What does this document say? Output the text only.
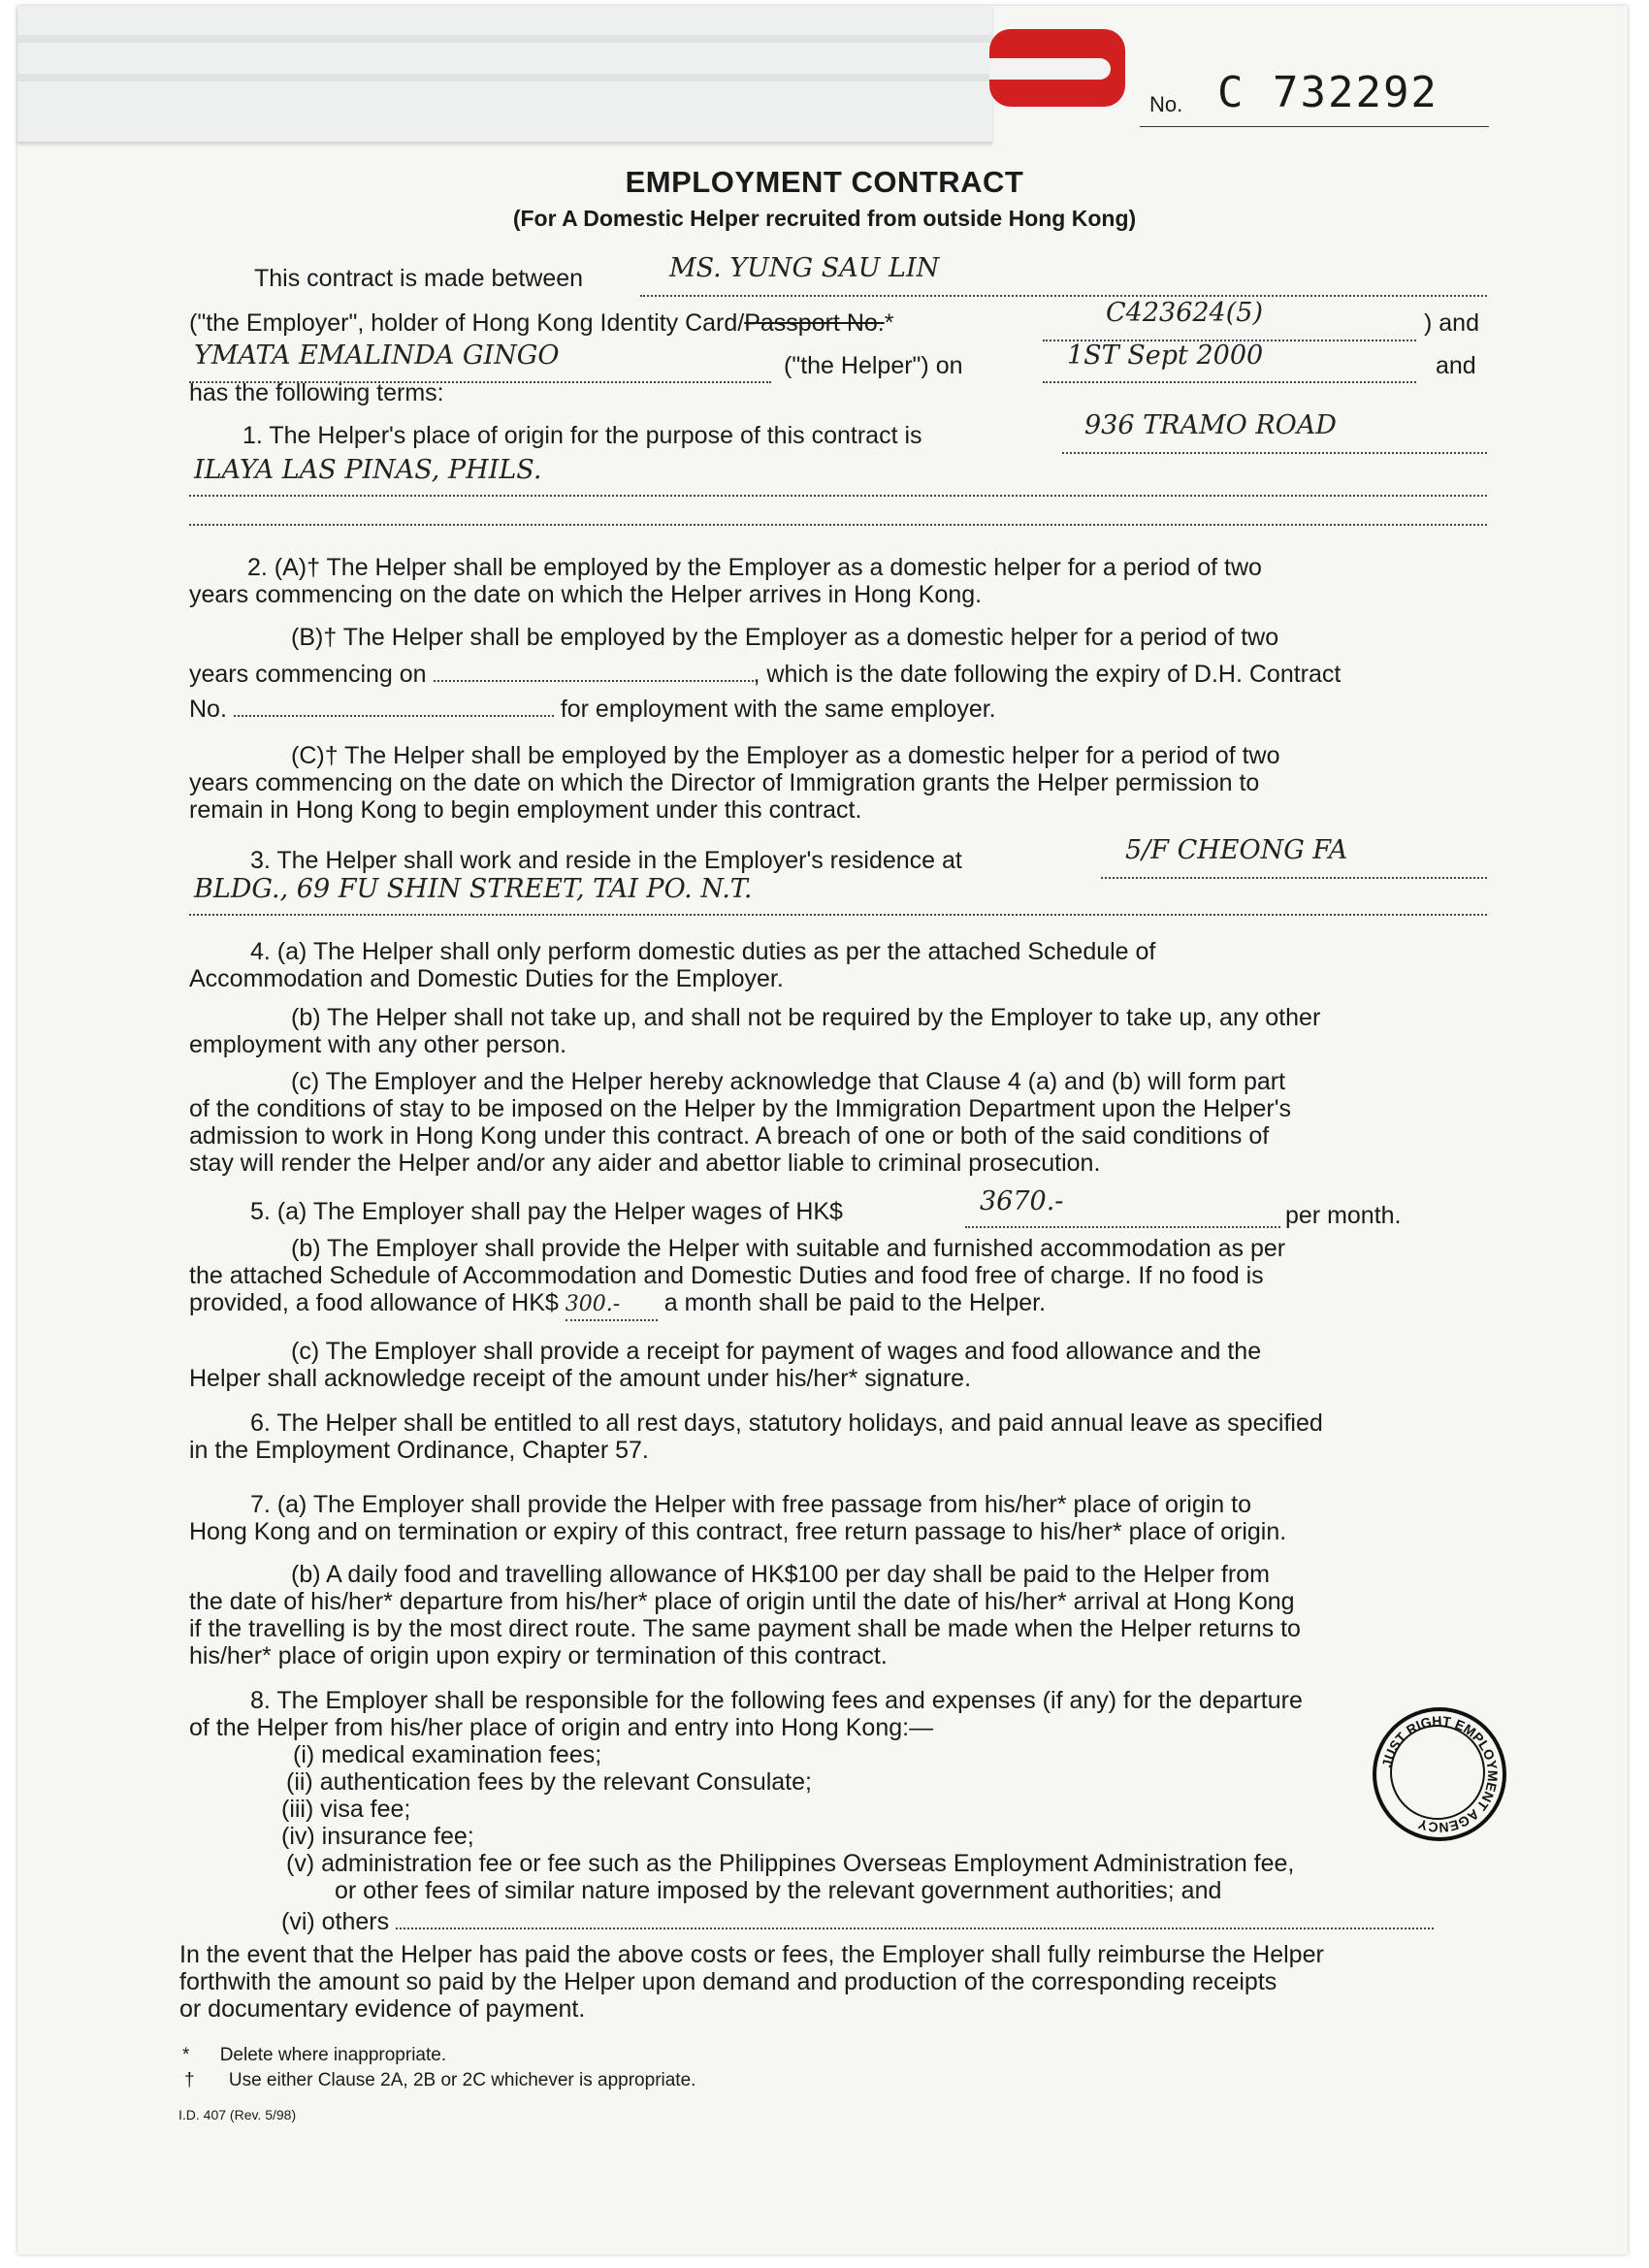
No. C 732292
EMPLOYMENT CONTRACT
(For A Domestic Helper recruited from outside Hong Kong)
This contract is made between	MS. YUNG SAU LIN
("the Employer", holder of Hong Kong Identity Card/Passport No.*	C423624(5)	) and
YMATA EMALINDA GINGO	("the Helper") on	1ST Sept 2000	and
has the following terms:
1. The Helper's place of origin for the purpose of this contract is	936 TRAMO ROAD
ILAYA LAS PINAS, PHILS.
2. (A)† The Helper shall be employed by the Employer as a domestic helper for a period of two
years commencing on the date on which the Helper arrives in Hong Kong.
(B)† The Helper shall be employed by the Employer as a domestic helper for a period of two
years commencing on	, which is the date following the expiry of D.H. Contract
No.	for employment with the same employer.
(C)† The Helper shall be employed by the Employer as a domestic helper for a period of two
years commencing on the date on which the Director of Immigration grants the Helper permission to
remain in Hong Kong to begin employment under this contract.
3. The Helper shall work and reside in the Employer's residence at	5/F CHEONG FA
BLDG., 69 FU SHIN STREET, TAI PO. N.T.
4. (a) The Helper shall only perform domestic duties as per the attached Schedule of
Accommodation and Domestic Duties for the Employer.
(b) The Helper shall not take up, and shall not be required by the Employer to take up, any other
employment with any other person.
(c) The Employer and the Helper hereby acknowledge that Clause 4 (a) and (b) will form part
of the conditions of stay to be imposed on the Helper by the Immigration Department upon the Helper's
admission to work in Hong Kong under this contract. A breach of one or both of the said conditions of
stay will render the Helper and/or any aider and abettor liable to criminal prosecution.
5. (a) The Employer shall pay the Helper wages of HK$	3670.-	per month.
(b) The Employer shall provide the Helper with suitable and furnished accommodation as per
the attached Schedule of Accommodation and Domestic Duties and food free of charge. If no food is
provided, a food allowance of HK$ 300.- a month shall be paid to the Helper.
(c) The Employer shall provide a receipt for payment of wages and food allowance and the
Helper shall acknowledge receipt of the amount under his/her* signature.
6. The Helper shall be entitled to all rest days, statutory holidays, and paid annual leave as specified
in the Employment Ordinance, Chapter 57.
7. (a) The Employer shall provide the Helper with free passage from his/her* place of origin to
Hong Kong and on termination or expiry of this contract, free return passage to his/her* place of origin.
(b) A daily food and travelling allowance of HK$100 per day shall be paid to the Helper from
the date of his/her* departure from his/her* place of origin until the date of his/her* arrival at Hong Kong
if the travelling is by the most direct route. The same payment shall be made when the Helper returns to
his/her* place of origin upon expiry or termination of this contract.
8. The Employer shall be responsible for the following fees and expenses (if any) for the departure
of the Helper from his/her place of origin and entry into Hong Kong:—
(i) medical examination fees;
(ii) authentication fees by the relevant Consulate;
(iii) visa fee;
(iv) insurance fee;
(v) administration fee or fee such as the Philippines Overseas Employment Administration fee,
or other fees of similar nature imposed by the relevant government authorities; and
(vi) others
In the event that the Helper has paid the above costs or fees, the Employer shall fully reimburse the Helper
forthwith the amount so paid by the Helper upon demand and production of the corresponding receipts
or documentary evidence of payment.
* Delete where inappropriate.
† Use either Clause 2A, 2B or 2C whichever is appropriate.
I.D. 407 (Rev. 5/98)
JUST RIGHT EMPLOYMENT AGENCY
